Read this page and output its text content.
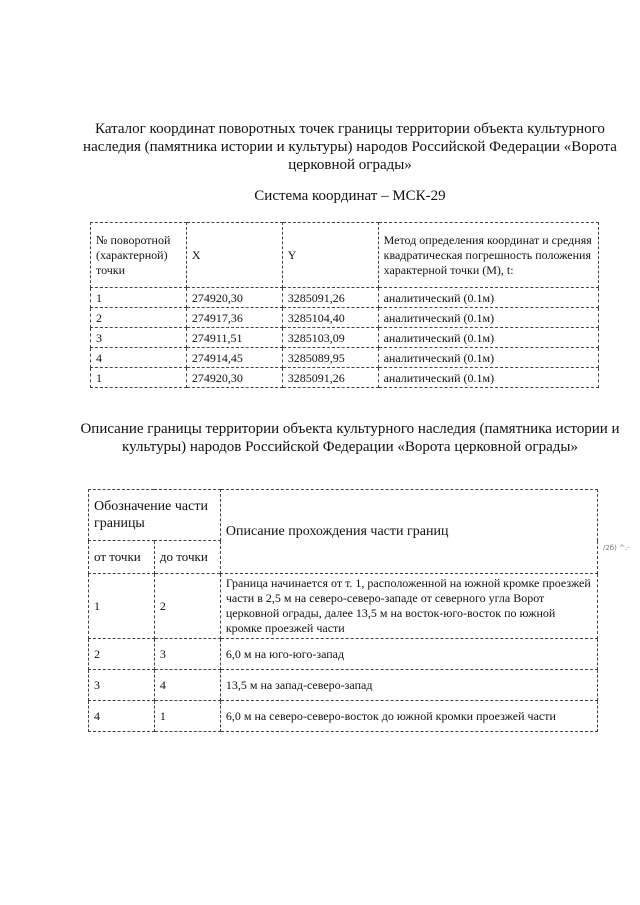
Каталог координат поворотных точек границы территории объекта культурного наследия (памятника истории и культуры) народов Российской Федерации «Ворота церковной ограды»
Система координат – МСК-29
№ поворотной (характерной) точки	X	Y	Метод определения координат и средняя квадратическая погрешность положения характерной точки (М), t:
1	274920,30	3285091,26	аналитический (0.1м)
2	274917,36	3285104,40	аналитический (0.1м)
3	274911,51	3285103,09	аналитический (0.1м)
4	274914,45	3285089,95	аналитический (0.1м)
1	274920,30	3285091,26	аналитический (0.1м)
Описание границы территории объекта культурного наследия (памятника истории и культуры) народов Российской Федерации «Ворота церковной ограды»
Обозначение части границы		Описание прохождения части границ
от точки	до точки	
1	2	Граница начинается от т. 1, расположенной на южной кромке проезжей части в 2,5 м на северо-северо-западе от северного угла Ворот церковной ограды, далее 13,5 м на восток-юго-восток по южной кромке проезжей части
2	3	6,0 м на юго-юго-запад
3	4	13,5 м на запад-северо-запад
4	1	6,0 м на северо-северо-восток до южной кромки проезжей части
/2б) ^.-
